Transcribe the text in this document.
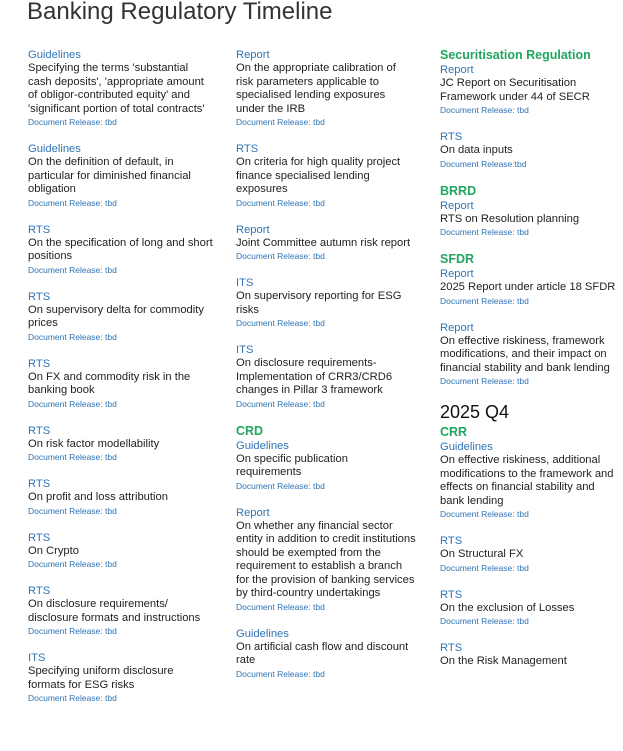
Banking Regulatory Timeline
Guidelines
Specifying the terms 'substantial cash deposits', 'appropriate amount of obligor-contributed equity' and 'significant portion of total contracts'
Document Release: tbd
Guidelines
On the definition of default, in particular for diminished financial obligation
Document Release: tbd
RTS
On the specification of long and short positions
Document Release: tbd
RTS
On supervisory delta for commodity prices
Document Release: tbd
RTS
On FX and commodity risk in the banking book
Document Release: tbd
RTS
On risk factor modellability
Document Release: tbd
RTS
On profit and loss attribution
Document Release: tbd
RTS
On Crypto
Document Release: tbd
RTS
On disclosure requirements/ disclosure formats and instructions
Document Release: tbd
ITS
Specifying uniform disclosure formats for ESG risks
Document Release: tbd
Report
On the appropriate calibration of risk parameters applicable to specialised lending exposures under the IRB
Document Release: tbd
RTS
On criteria for high quality project finance specialised lending exposures
Document Release: tbd
Report
Joint Committee autumn risk report
Document Release: tbd
ITS
On supervisory reporting for ESG risks
Document Release: tbd
ITS
On disclosure requirements- Implementation of CRR3/CRD6 changes in Pillar 3 framework
Document Release: tbd
CRD
Guidelines
On specific publication requirements
Document Release: tbd
Report
On whether any financial sector entity in addition to credit institutions should be exempted from the requirement to establish a branch for the provision of banking services by third-country undertakings
Document Release: tbd
Guidelines
On artificial cash flow and discount rate
Document Release: tbd
Securitisation Regulation
Report
JC Report on Securitisation Framework under 44 of SECR
Document Release: tbd
RTS
On data inputs
Document Release:tbd
BRRD
Report
RTS on Resolution planning
Document Release: tbd
SFDR
Report
2025 Report under article 18 SFDR
Document Release: tbd
Report
On effective riskiness, framework modifications, and their impact on financial stability and bank lending
Document Release: tbd
2025 Q4
CRR
Guidelines
On effective riskiness, additional modifications to the framework and effects on financial stability and bank lending
Document Release: tbd
RTS
On Structural FX
Document Release: tbd
RTS
On the exclusion of Losses
Document Release: tbd
RTS
On the Risk Management
